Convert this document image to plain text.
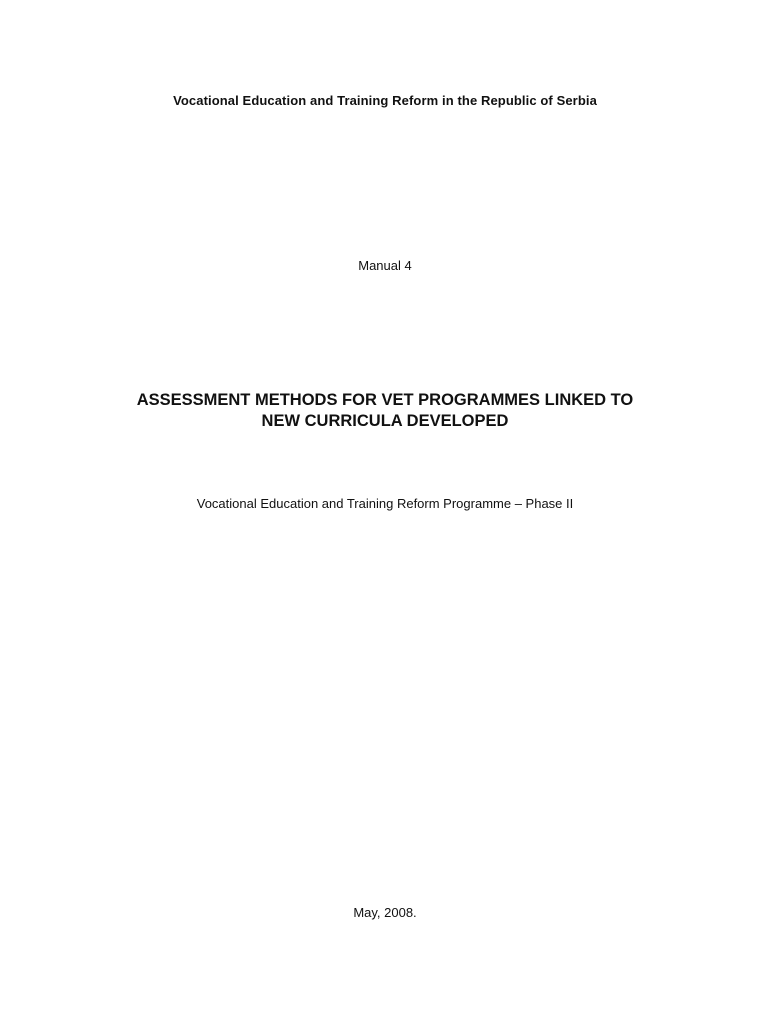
Vocational Education and Training Reform in the Republic of Serbia
Manual 4
ASSESSMENT METHODS FOR VET PROGRAMMES LINKED TO
NEW CURRICULA DEVELOPED
Vocational Education and Training Reform Programme – Phase II
May, 2008.
